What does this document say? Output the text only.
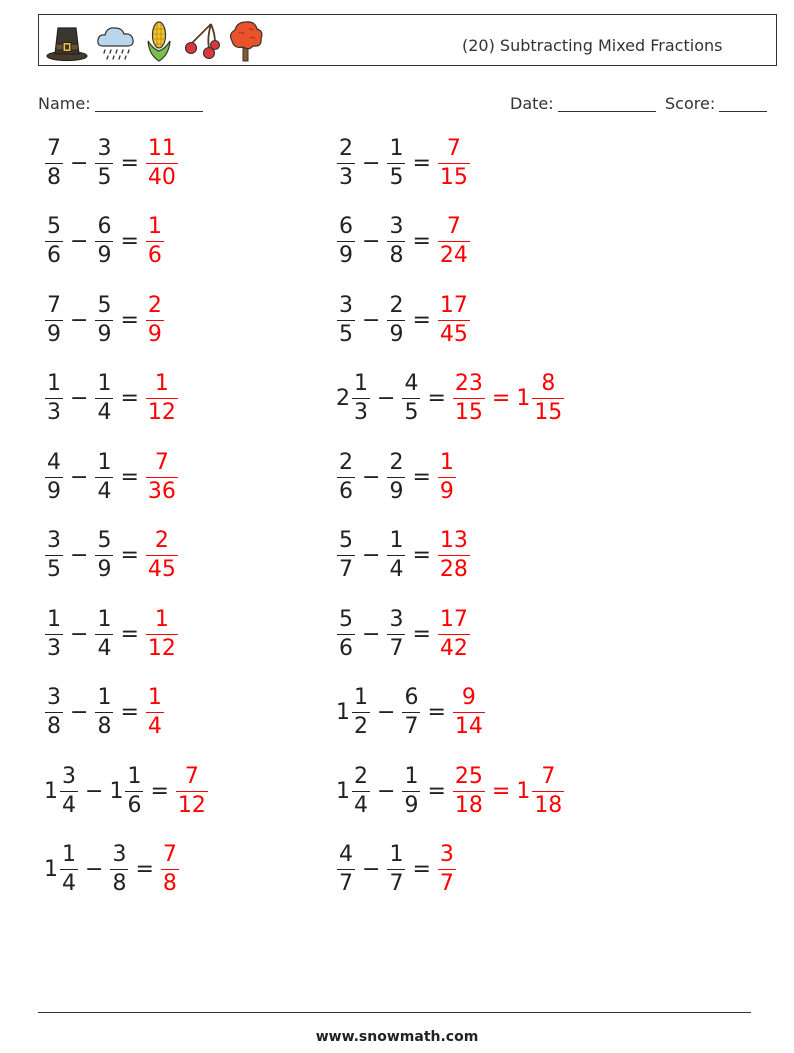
(20) Subtracting Mixed Fractions
Name:	Date:	Score:
$\frac{7}{8} - \frac{3}{5} = \frac{11}{40}$	$\frac{2}{3} - \frac{1}{5} = \frac{7}{15}$
$\frac{5}{6} - \frac{6}{9} = \frac{1}{6}$	$\frac{6}{9} - \frac{3}{8} = \frac{7}{24}$
$\frac{7}{9} - \frac{5}{9} = \frac{2}{9}$	$\frac{3}{5} - \frac{2}{9} = \frac{17}{45}$
$\frac{1}{3} - \frac{1}{4} = \frac{1}{12}$	$2 \frac{1}{3} - \frac{4}{5} = \frac{23}{15} = 1 \frac{8}{15}$
$\frac{4}{9} - \frac{1}{4} = \frac{7}{36}$	$\frac{2}{6} - \frac{2}{9} = \frac{1}{9}$
$\frac{3}{5} - \frac{5}{9} = \frac{2}{45}$	$\frac{5}{7} - \frac{1}{4} = \frac{13}{28}$
$\frac{1}{3} - \frac{1}{4} = \frac{1}{12}$	$\frac{5}{6} - \frac{3}{7} = \frac{17}{42}$
$\frac{3}{8} - \frac{1}{8} = \frac{1}{4}$	$1 \frac{1}{2} - \frac{6}{7} = \frac{9}{14}$
$1 \frac{3}{4} - 1 \frac{1}{6} = \frac{7}{12}$	$1 \frac{2}{4} - \frac{1}{9} = \frac{25}{18} = 1 \frac{7}{18}$
$1 \frac{1}{4} - \frac{3}{8} = \frac{7}{8}$	$\frac{4}{7} - \frac{1}{7} = \frac{3}{7}$
www.snowmath.com
